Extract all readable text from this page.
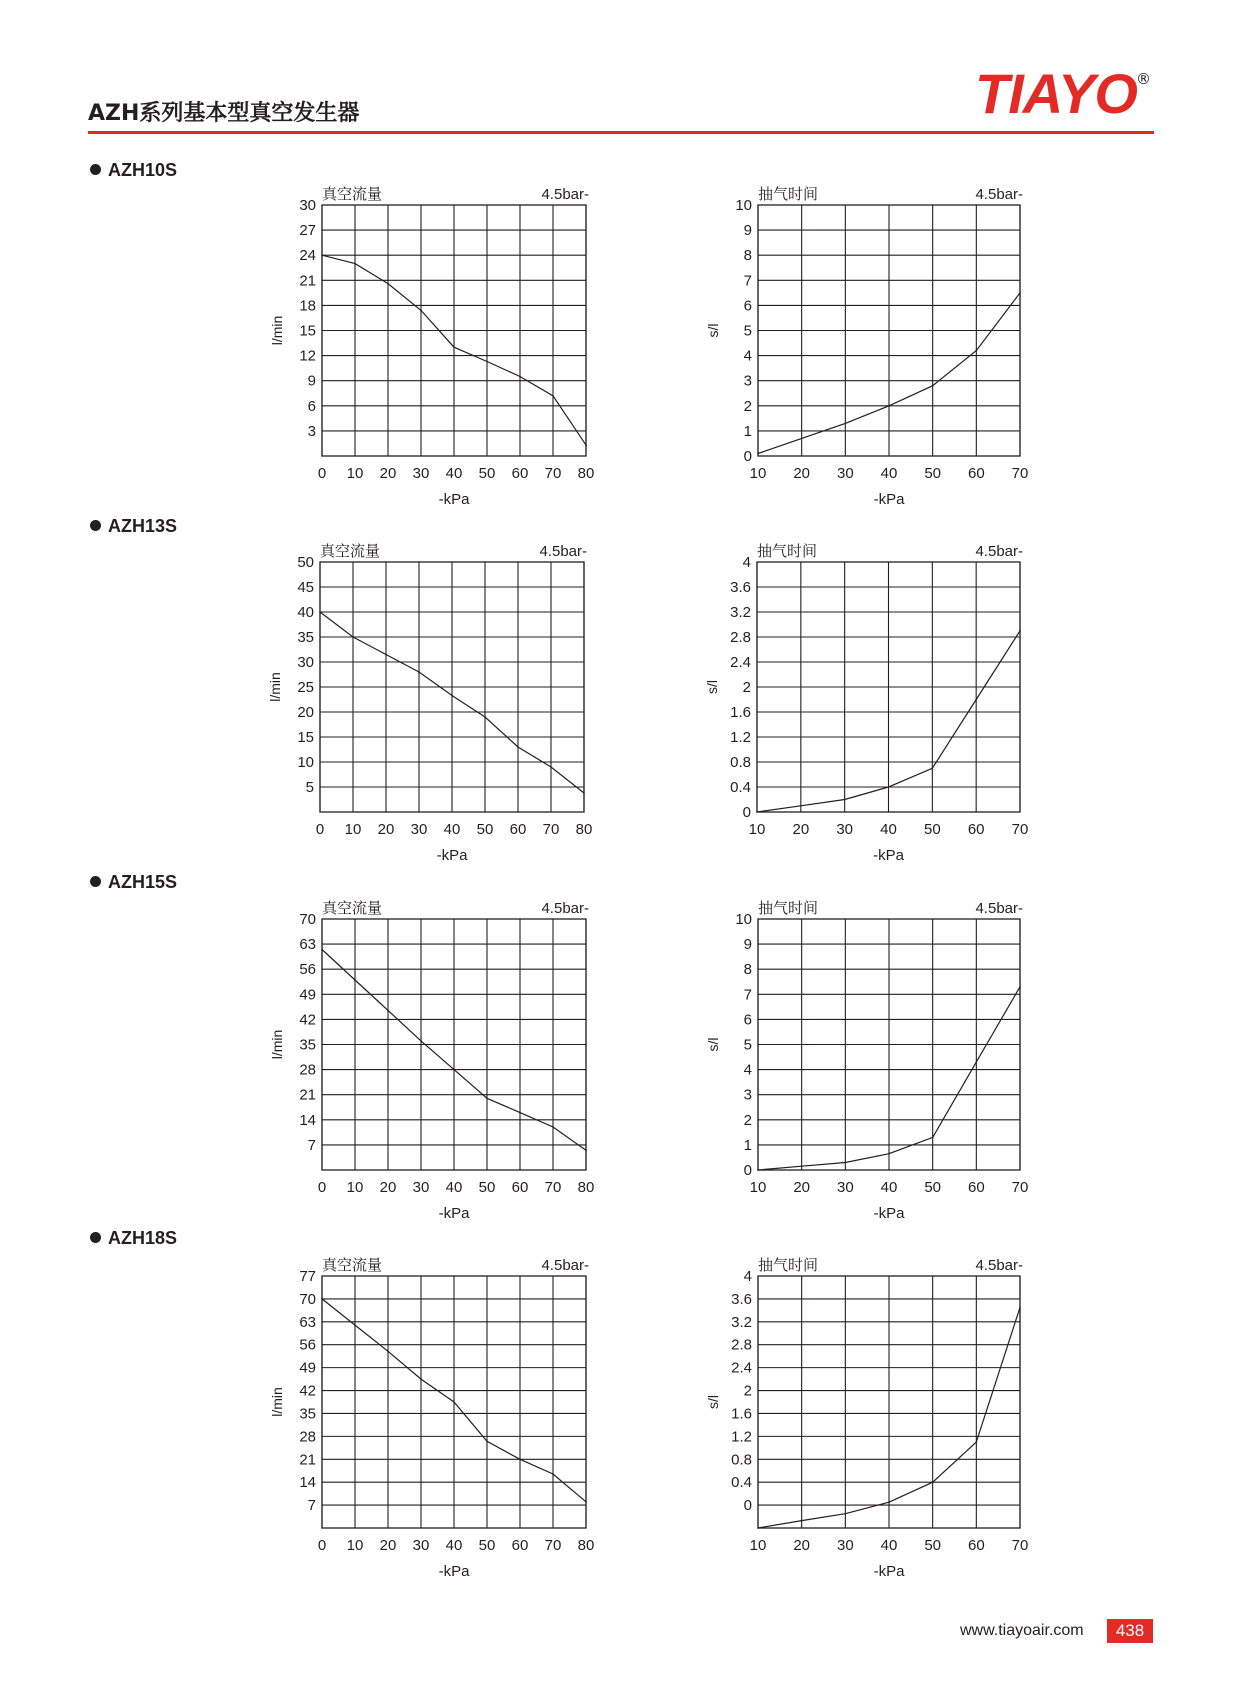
AZH系列基本型真空发生器	TIAYO ®
AZH10S
AZH13S
AZH15S
AZH18S
0 10 20 30 40 50 60 70 80
3
6
9
12
15
18
21
24
27
30
真空流量	4.5bar-
-kPa
l/min
10 20 30 40 50 60 70
0
1
2
3
4
5
6
7
8
9
10
抽气时间	4.5bar-
-kPa
s/l
0 10 20 30 40 50 60 70 80
5
10
15
20
25
30
35
40
45
50
真空流量	4.5bar-
-kPa
l/min
10 20 30 40 50 60 70
0
0.4
0.8
1.2
1.6
2
2.4
2.8
3.2
3.6
4
抽气时间	4.5bar-
-kPa
s/l
0 10 20 30 40 50 60 70 80
7
14
21
28
35
42
49
56
63
70
真空流量	4.5bar-
-kPa
l/min
10 20 30 40 50 60 70
0
1
2
3
4
5
6
7
8
9
10
抽气时间	4.5bar-
-kPa
s/l
0 10 20 30 40 50 60 70 80
7
14
21
28
35
42
49
56
63
70
77
真空流量	4.5bar-
-kPa
l/min
10 20 30 40 50 60 70
0
0.4
0.8
1.2
1.6
2
2.4
2.8
3.2
3.6
4
抽气时间	4.5bar-
-kPa
s/l
www.tiayoair.com	438
